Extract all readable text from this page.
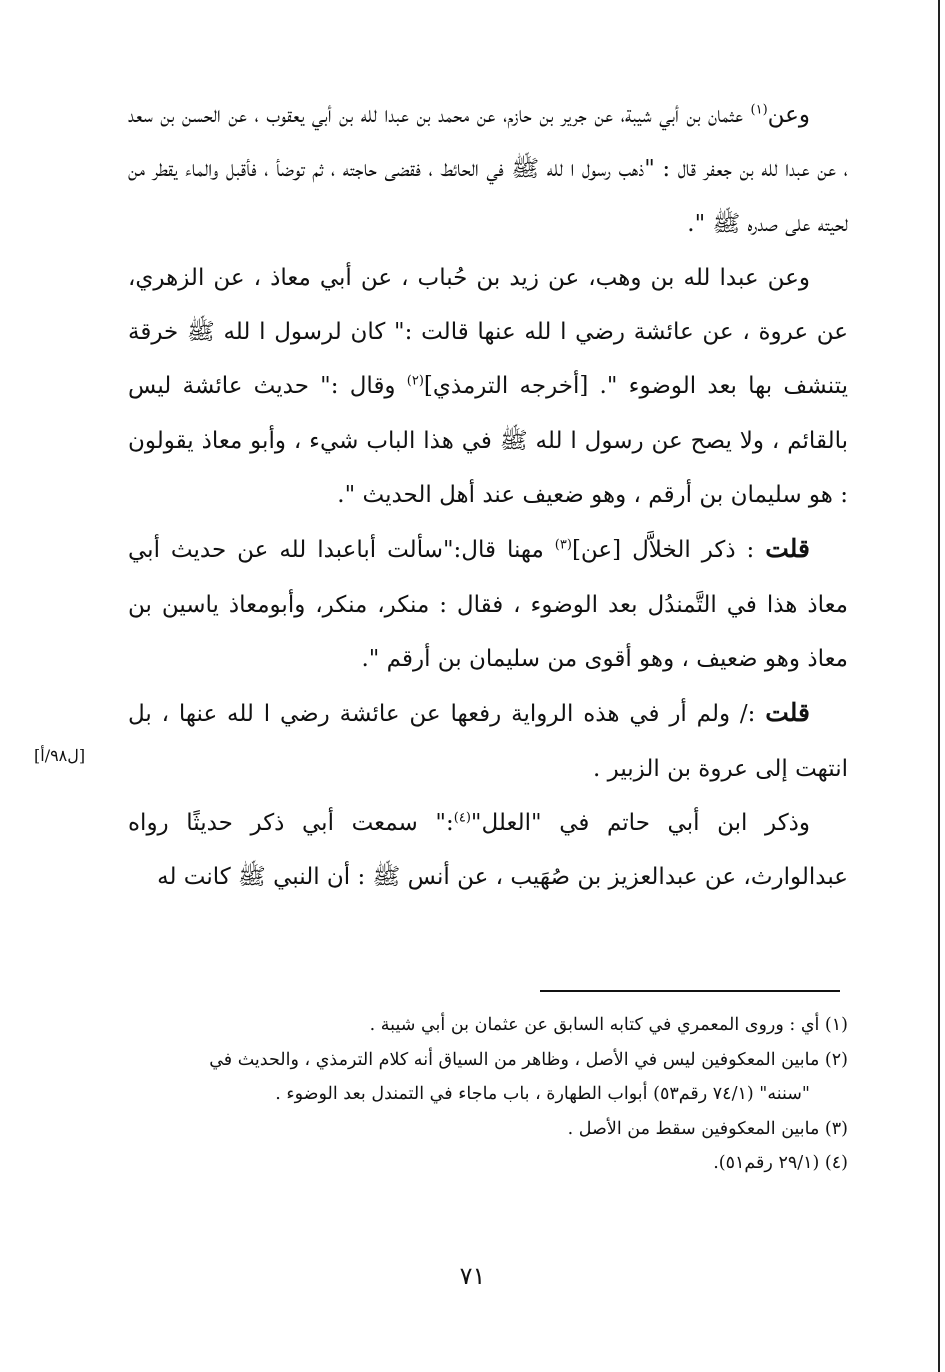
وعن$^{(١)}$ عثمان بن أبي شيبة، عن جرير بن حازم، عن محمد بن عبدا لله بن أبي يعقوب ، عن الحسن بن سعد ، عن عبدا لله بن جعفر قال : "ذهب رسول ا لله ﷺ في الحائط ، فقضى حاجته ، ثم توضأ ، فأقبل والماء يقطر من لحيته على صدره ﷺ ".

وعن عبدا لله بن وهب، عن زيد بن حُباب ، عن أبي معاذ ، عن الزهري، عن عروة ، عن عائشة رضي ا لله عنها قالت :" كان لرسول ا لله ﷺ خرقة يتنشف بها بعد الوضوء ". [أخرجه الترمذي]$^{(٢)}$ وقال :" حديث عائشة ليس بالقائم ، ولا يصح عن رسول ا لله ﷺ في هذا الباب شيء ، وأبو معاذ يقولون : هو سليمان بن أرقم ، وهو ضعيف عند أهل الحديث ".

قلت : ذكر الخلاَّل [عن]$^{(٣)}$ مهنا قال:"سألت أباعبدا لله عن حديث أبي معاذ هذا في التَّمندُل بعد الوضوء ، فقال : منكر، منكر، وأبومعاذ ياسين بن معاذ وهو ضعيف ، وهو أقوى من سليمان بن أرقم ".

قلت :/ ولم أر في هذه الرواية رفعها عن عائشة رضي ا لله عنها ، بل انتهت إلى عروة بن الزبير .

وذكر ابن أبي حاتم في "العلل"$^{(٤)}$:" سمعت أبي ذكر حديثًا رواه عبدالوارث، عن عبدالعزيز بن صُهَيب ، عن أنس ﷺ : أن النبي ﷺ كانت له

[ل٩٨/أ]

(١) أي : وروى المعمري في كتابه السابق عن عثمان بن أبي شيبة .

(٢) مابين المعكوفين ليس في الأصل ، وظاهر من السياق أنه كلام الترمذي ، والحديث في

"سننه" (٧٤/١ رقم٥٣) أبواب الطهارة ، باب ماجاء في التمندل بعد الوضوء .

(٣) مابين المعكوفين سقط من الأصل .

(٤) (٢٩/١ رقم٥١).

٧١
